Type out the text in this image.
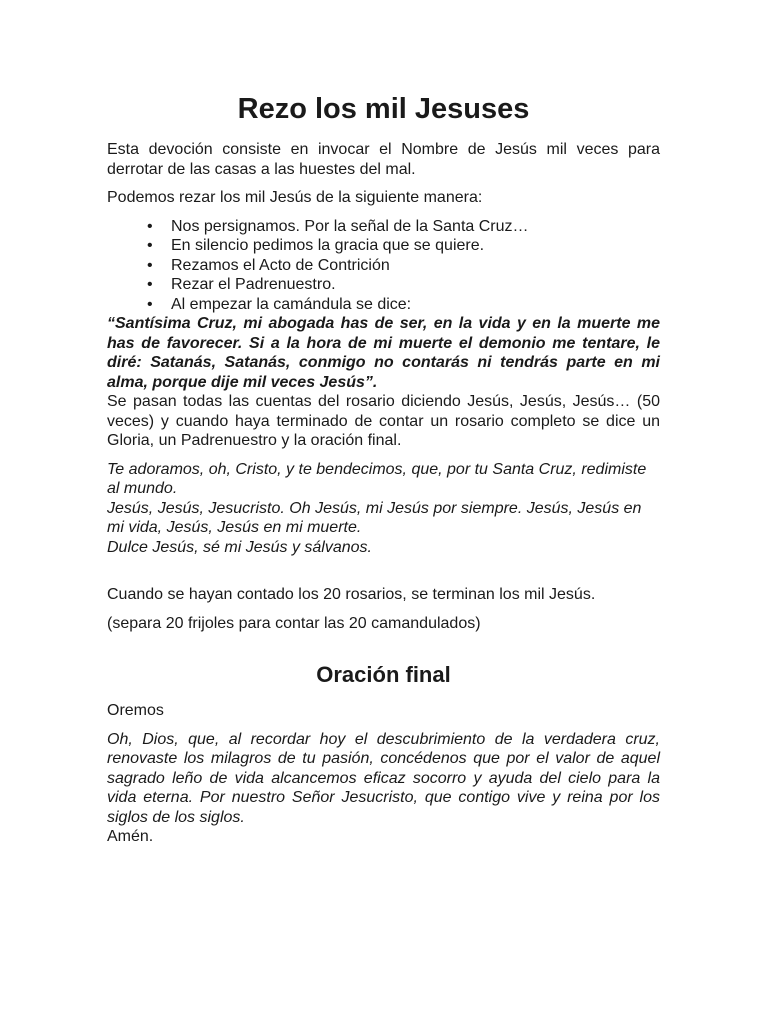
Rezo los mil Jesuses

Esta devoción consiste en invocar el Nombre de Jesús mil veces para derrotar de las casas a las huestes del mal.

Podemos rezar los mil Jesús de la siguiente manera:

• Nos persignamos. Por la señal de la Santa Cruz…
• En silencio pedimos la gracia que se quiere.
• Rezamos el Acto de Contrición
• Rezar el Padrenuestro.
• Al empezar la camándula se dice:

“Santísima Cruz, mi abogada has de ser, en la vida y en la muerte me has de favorecer. Si a la hora de mi muerte el demonio me tentare, le diré: Satanás, Satanás, conmigo no contarás ni tendrás parte en mi alma, porque dije mil veces Jesús”.

Se pasan todas las cuentas del rosario diciendo Jesús, Jesús, Jesús… (50 veces) y cuando haya terminado de contar un rosario completo se dice un Gloria, un Padrenuestro y la oración final.

Te adoramos, oh, Cristo, y te bendecimos, que, por tu Santa Cruz, redimiste al mundo.

Jesús, Jesús, Jesucristo. Oh Jesús, mi Jesús por siempre. Jesús, Jesús en mi vida, Jesús, Jesús en mi muerte.

Dulce Jesús, sé mi Jesús y sálvanos.

Cuando se hayan contado los 20 rosarios, se terminan los mil Jesús.

(separa 20 frijoles para contar las 20 camandulados)

Oración final

Oremos

Oh, Dios, que, al recordar hoy el descubrimiento de la verdadera cruz, renovaste los milagros de tu pasión, concédenos que por el valor de aquel sagrado leño de vida alcancemos eficaz socorro y ayuda del cielo para la vida eterna. Por nuestro Señor Jesucristo, que contigo vive y reina por los siglos de los siglos.

Amén.
